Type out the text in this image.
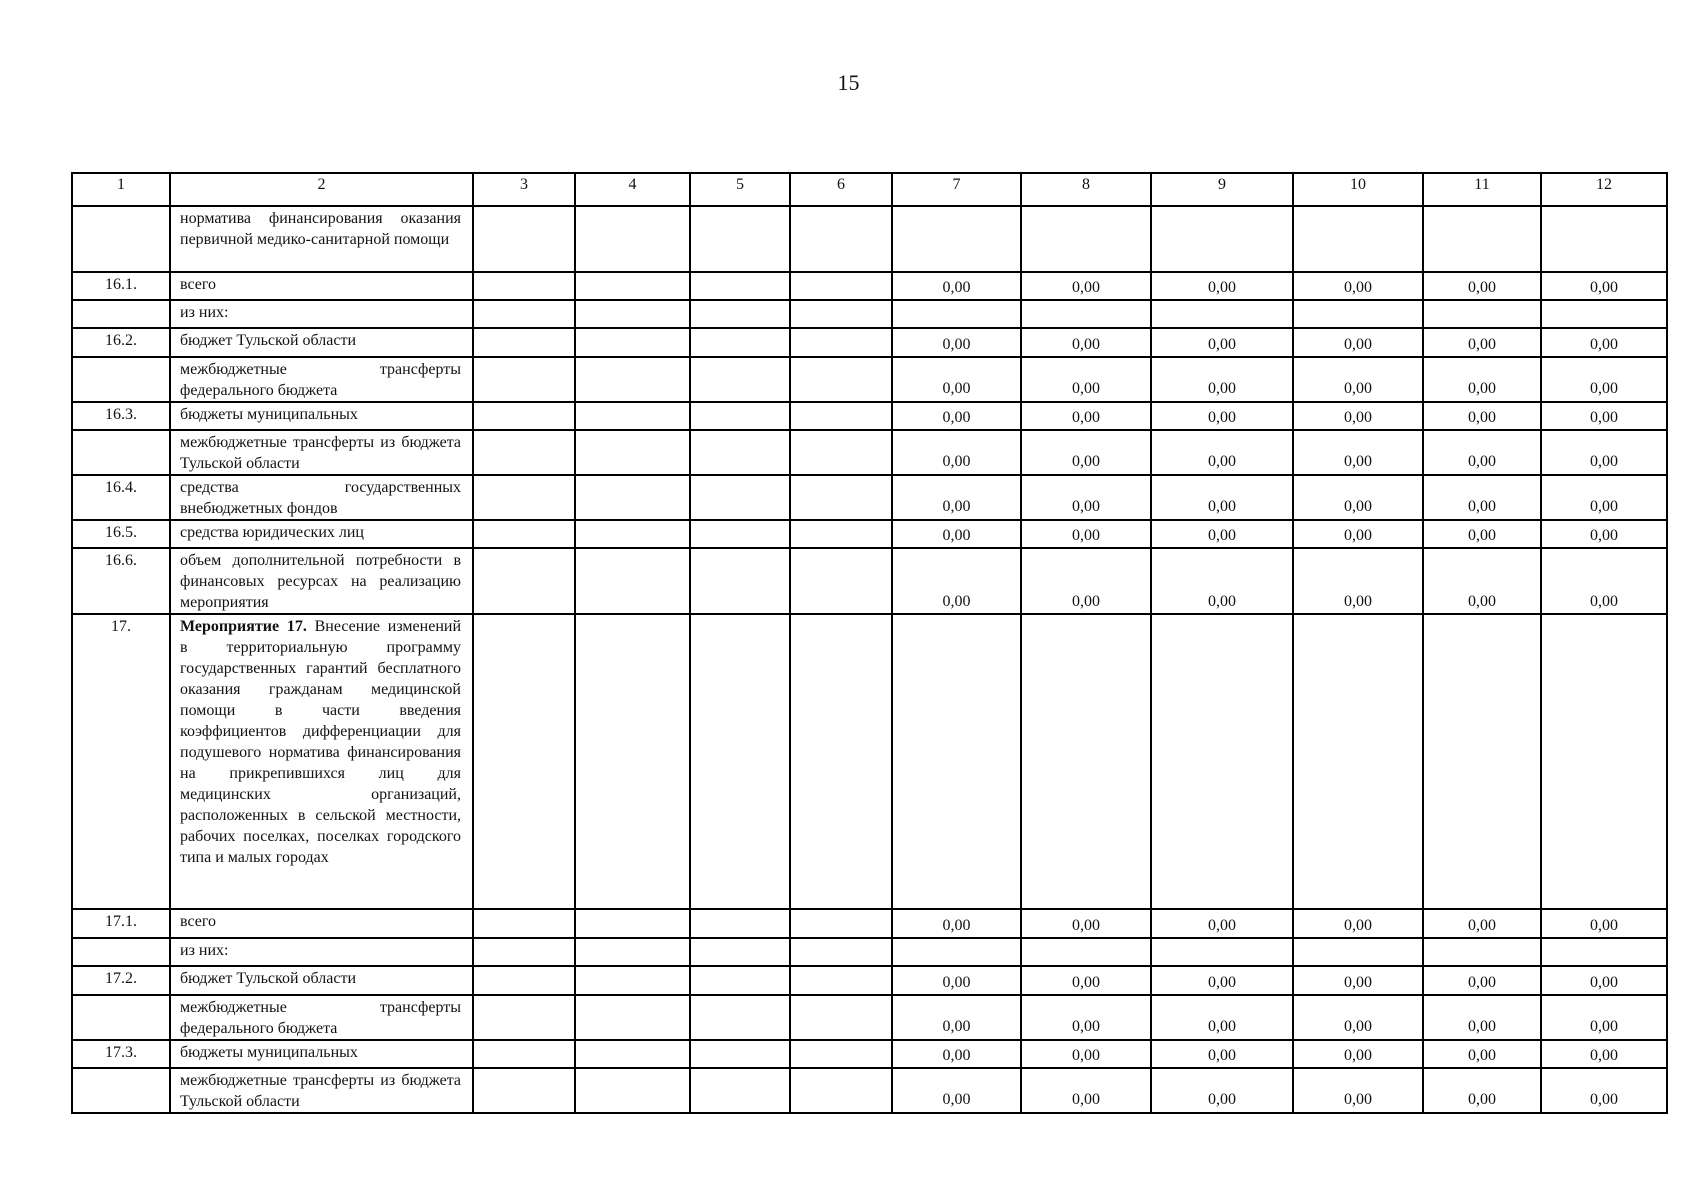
15
1	2	3	4	5	6	7	8	9	10	11	12
	норматива финансирования оказания первичной медико-санитарной помощи					

16.1.	всего					0,00	0,00	0,00	0,00	0,00	0,00

	из них:					

16.2.	бюджет Тульской области					0,00	0,00	0,00	0,00	0,00	0,00

	межбюджетные трансферты федерального бюджета					0,00	0,00	0,00	0,00	0,00	0,00

16.3.	бюджеты муниципальных					0,00	0,00	0,00	0,00	0,00	0,00

	межбюджетные трансферты из бюджета Тульской области					0,00	0,00	0,00	0,00	0,00	0,00

16.4.	средства государственных внебюджетных фондов					0,00	0,00	0,00	0,00	0,00	0,00

16.5.	средства юридических лиц					0,00	0,00	0,00	0,00	0,00	0,00

16.6.	объем дополнительной потребности в финансовых ресурсах на реализацию мероприятия					0,00	0,00	0,00	0,00	0,00	0,00

17.	Мероприятие 17. Внесение изменений в территориальную программу государственных гарантий бесплатного оказания гражданам медицинской помощи в части введения коэффициентов дифференциации для подушевого норматива финансирования на прикрепившихся лиц для медицинских организаций, расположенных в сельской местности, рабочих поселках, поселках городского типа и малых городах					

17.1.	всего					0,00	0,00	0,00	0,00	0,00	0,00

	из них:					

17.2.	бюджет Тульской области					0,00	0,00	0,00	0,00	0,00	0,00

	межбюджетные трансферты федерального бюджета					0,00	0,00	0,00	0,00	0,00	0,00

17.3.	бюджеты муниципальных					0,00	0,00	0,00	0,00	0,00	0,00

	межбюджетные трансферты из бюджета Тульской области					0,00	0,00	0,00	0,00	0,00	0,00
